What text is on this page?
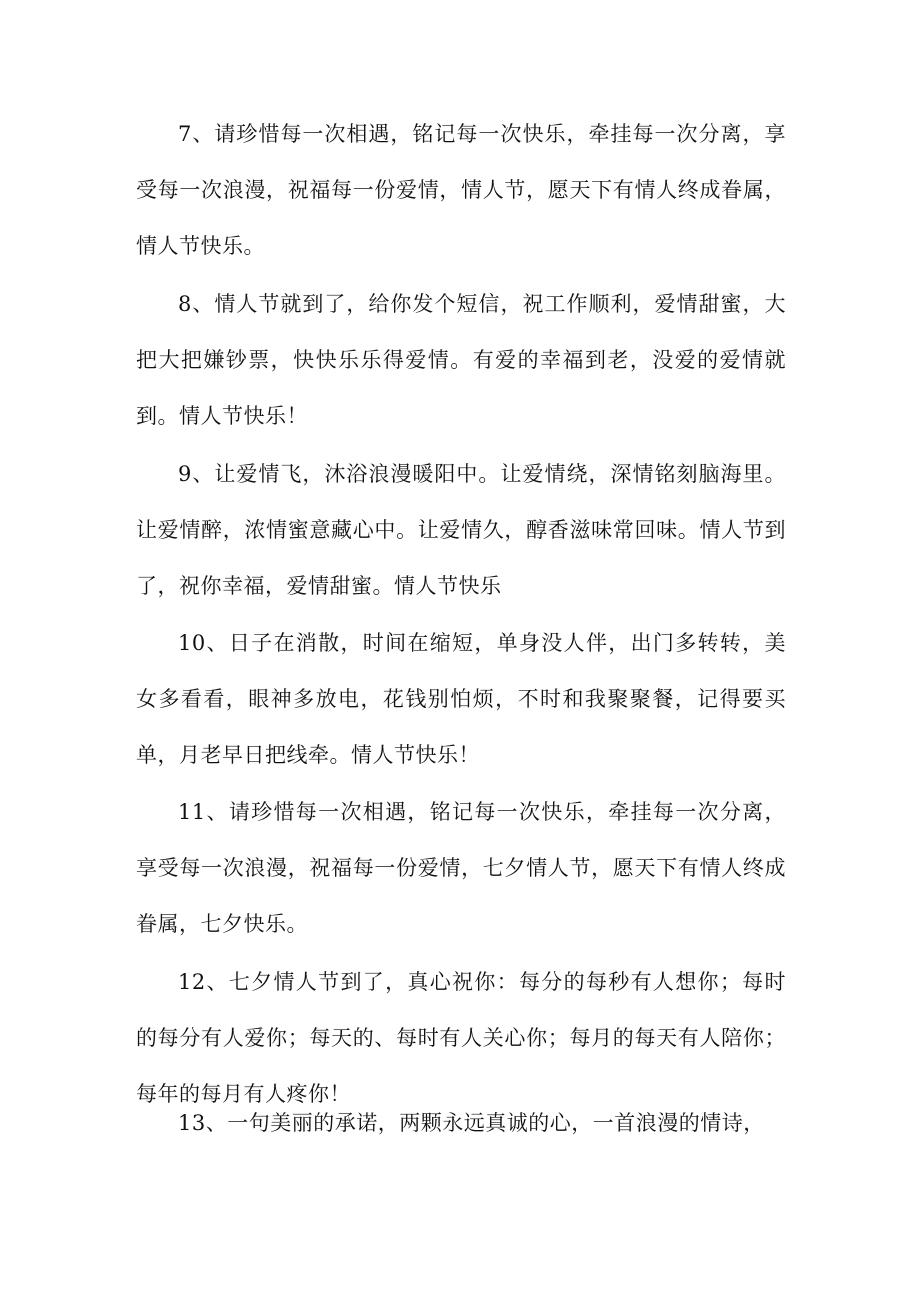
7、请珍惜每一次相遇，铭记每一次快乐，牵挂每一次分离，享受每一次浪漫，祝福每一份爱情，情人节，愿天下有情人终成眷属，情人节快乐。

8、情人节就到了，给你发个短信，祝工作顺利，爱情甜蜜，大把大把嫌钞票，快快乐乐得爱情。有爱的幸福到老，没爱的爱情就到。情人节快乐！

9、让爱情飞，沐浴浪漫暖阳中。让爱情绕，深情铭刻脑海里。让爱情醉，浓情蜜意藏心中。让爱情久，醇香滋味常回味。情人节到了，祝你幸福，爱情甜蜜。情人节快乐

10、日子在消散，时间在缩短，单身没人伴，出门多转转，美女多看看，眼神多放电，花钱别怕烦，不时和我聚聚餐，记得要买单，月老早日把线牵。情人节快乐！

11、请珍惜每一次相遇，铭记每一次快乐，牵挂每一次分离，享受每一次浪漫，祝福每一份爱情，七夕情人节，愿天下有情人终成眷属，七夕快乐。

12、七夕情人节到了，真心祝你：每分的每秒有人想你；每时的每分有人爱你；每天的、每时有人关心你；每月的每天有人陪你；每年的每月有人疼你！

13、一句美丽的承诺，两颗永远真诚的心，一首浪漫的情诗，
